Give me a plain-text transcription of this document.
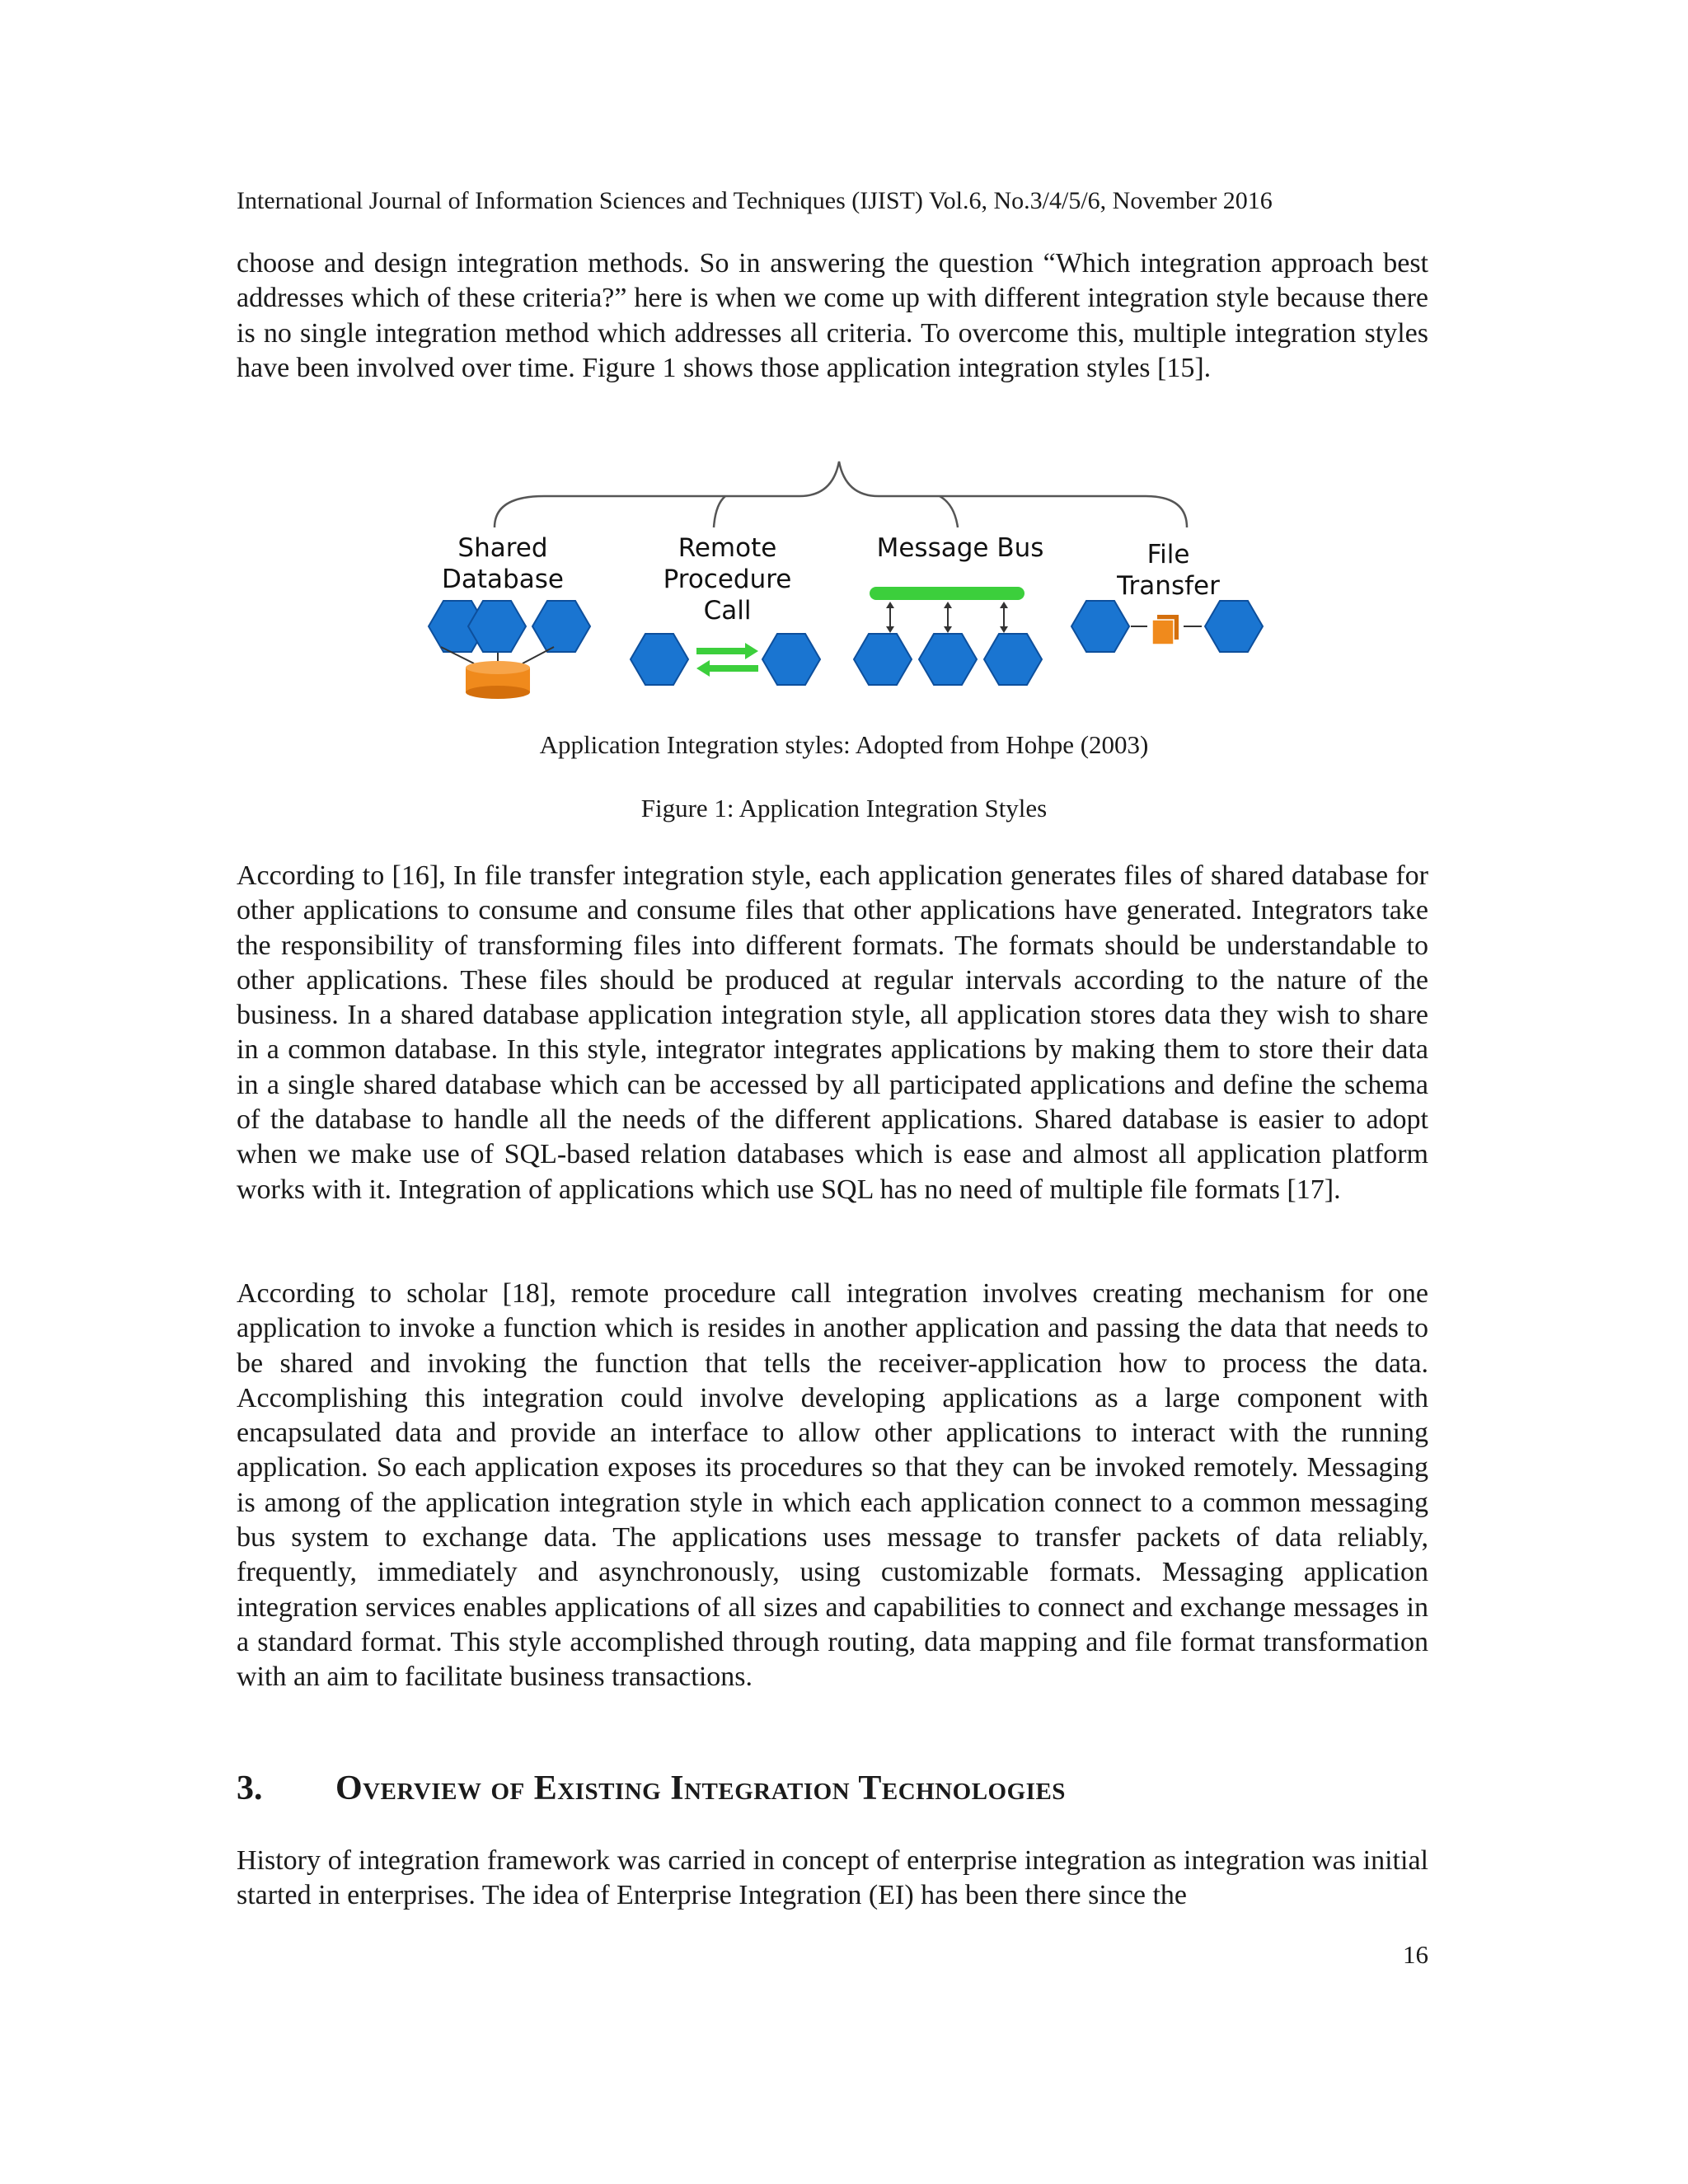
International Journal of Information Sciences and Techniques (IJIST) Vol.6, No.3/4/5/6, November 2016

choose and design integration methods. So in answering the question “Which integration approach best addresses which of these criteria?” here is when we come up with different integration style because there is no single integration method which addresses all criteria. To overcome this, multiple integration styles have been involved over time. Figure 1 shows those application integration styles [15].

Shared
Database
Remote
Procedure
Call
Message Bus	File
Transfer
Application Integration styles: Adopted from Hohpe (2003)
Figure 1: Application Integration Styles

According to [16], In file transfer integration style, each application generates files of shared database for other applications to consume and consume files that other applications have generated. Integrators take the responsibility of transforming files into different formats. The formats should be understandable to other applications. These files should be produced at regular intervals according to the nature of the business. In a shared database application integration style, all application stores data they wish to share in a common database. In this style, integrator integrates applications by making them to store their data in a single shared database which can be accessed by all participated applications and define the schema of the database to handle all the needs of the different applications. Shared database is easier to adopt when we make use of SQL-based relation databases which is ease and almost all application platform works with it. Integration of applications which use SQL has no need of multiple file formats [17].

According to scholar [18], remote procedure call integration involves creating mechanism for one application to invoke a function which is resides in another application and passing the data that needs to be shared and invoking the function that tells the receiver-application how to process the data. Accomplishing this integration could involve developing applications as a large component with encapsulated data and provide an interface to allow other applications to interact with the running application. So each application exposes its procedures so that they can be invoked remotely. Messaging is among of the application integration style in which each application connect to a common messaging bus system to exchange data. The applications uses message to transfer packets of data reliably, frequently, immediately and asynchronously, using customizable formats. Messaging application integration services enables applications of all sizes and capabilities to connect and exchange messages in a standard format. This style accomplished through routing, data mapping and file format transformation with an aim to facilitate business transactions.

3. Overview of Existing Integration Technologies

History of integration framework was carried in concept of enterprise integration as integration was initial started in enterprises. The idea of Enterprise Integration (EI) has been there since the

16
